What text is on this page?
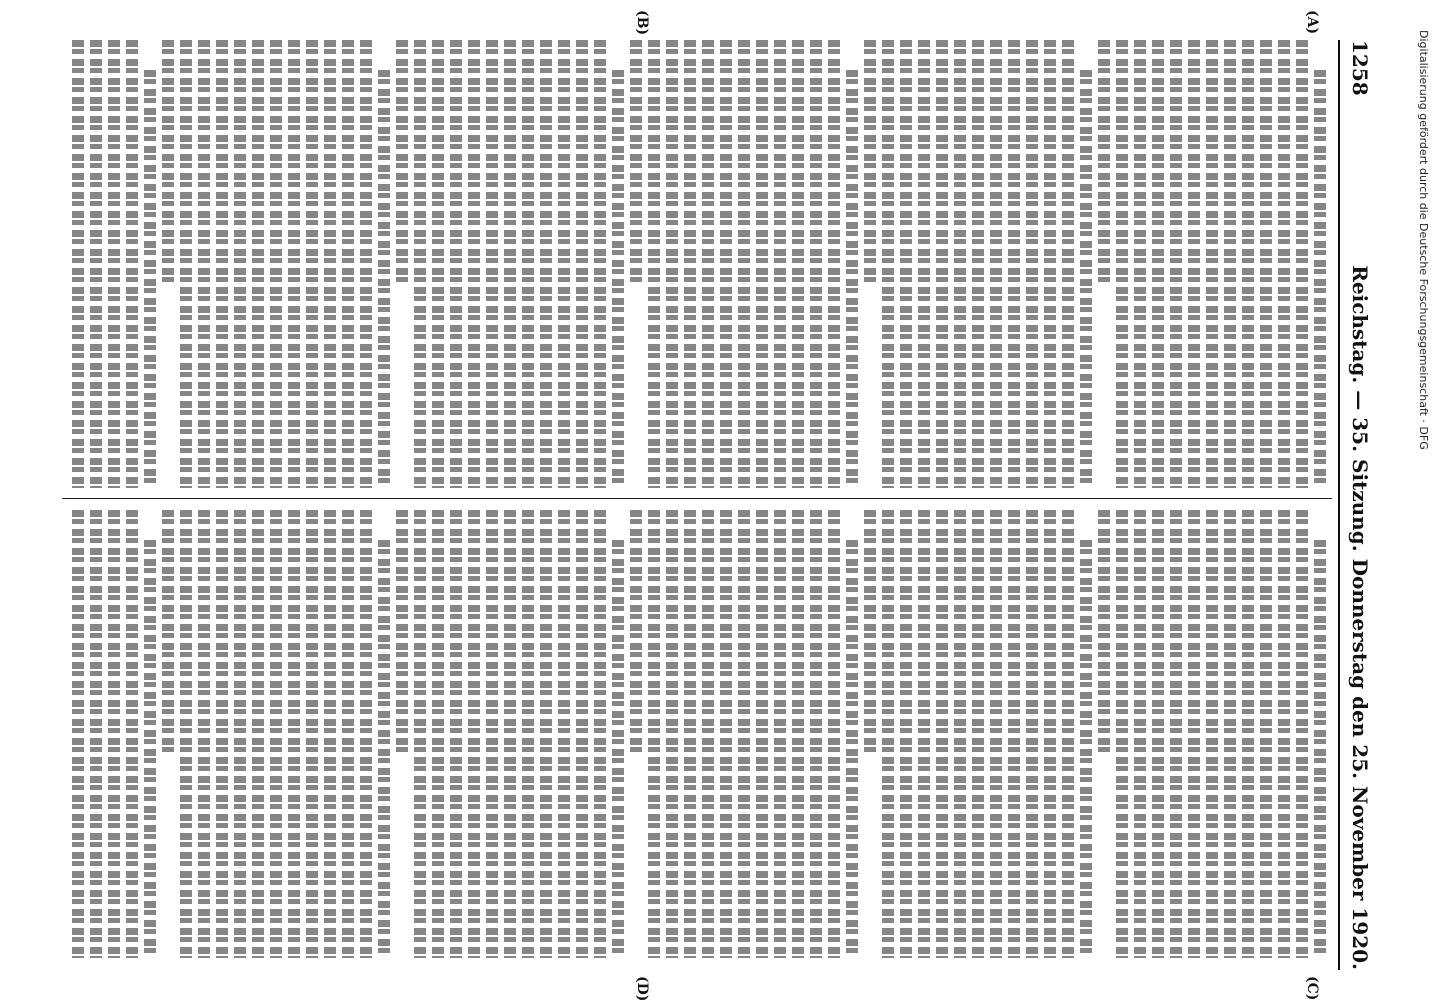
1258
Reichstag. — 35. Sitzung. Donnerstag den 25. November 1920.
(A)
(B)
(C)
(D)
Digitalisierung gefördert durch die Deutsche Forschungsgemeinschaft · DFG
